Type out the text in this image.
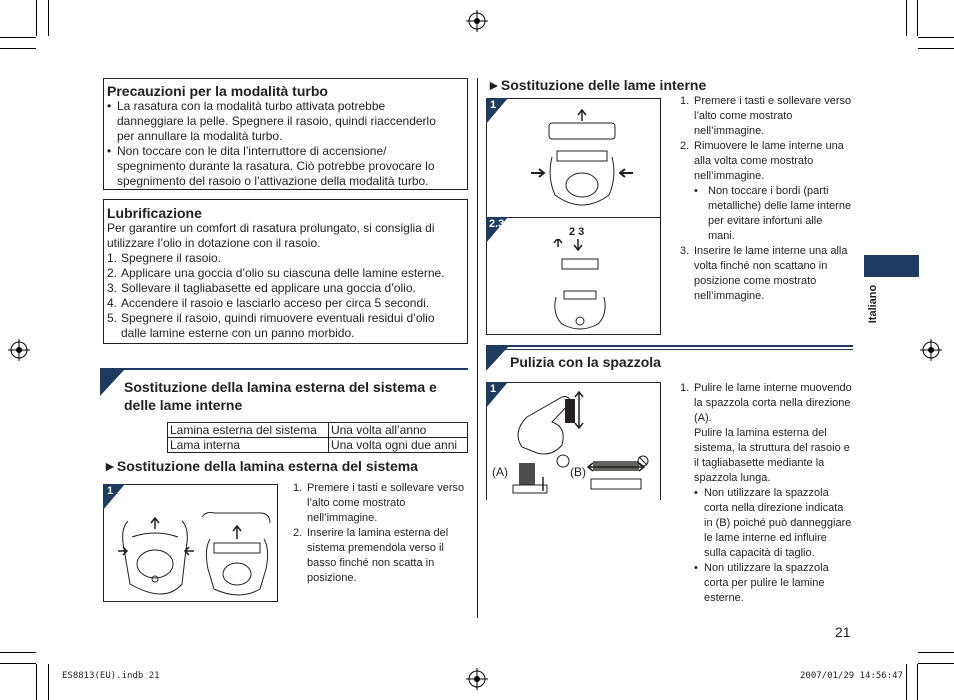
Precauzioni per la modalità turbo
• La rasatura con la modalità turbo attivata potrebbe danneggiare la pelle. Spegnere il rasoio, quindi riaccenderlo per annullare la modalità turbo.
• Non toccare con le dita l’interruttore di accensione/ spegnimento durante la rasatura. Ciò potrebbe provocare lo spegnimento del rasoio o l’attivazione della modalità turbo.
Lubrificazione
Per garantire un comfort di rasatura prolungato, si consiglia di utilizzare l’olio in dotazione con il rasoio.
1. Spegnere il rasoio.
2. Applicare una goccia d’olio su ciascuna delle lamine esterne.
3. Sollevare il tagliabasette ed applicare una goccia d’olio.
4. Accendere il rasoio e lasciarlo acceso per circa 5 secondi.
5. Spegnere il rasoio, quindi rimuovere eventuali residui d’olio dalle lamine esterne con un panno morbido.
Sostituzione della lamina esterna del sistema e delle lame interne
Lamina esterna del sistema	Una volta all’anno
Lama interna	Una volta ogni due anni
►Sostituzione della lamina esterna del sistema
1	1. Premere i tasti e sollevare verso l’alto come mostrato nell’immagine.
2. Inserire la lamina esterna del sistema premendola verso il basso finché non scatta in posizione.
►Sostituzione delle lame interne
1
2.3
2 3
1. Premere i tasti e sollevare verso l’alto come mostrato nell’immagine.
2. Rimuovere le lame interne una alla volta come mostrato nell’immagine.
• Non toccare i bordi (parti metalliche) delle lame interne per evitare infortuni alle mani.
3. Inserire le lame interne una alla volta finché non scattano in posizione come mostrato nell’immagine.	Italiano
Pulizia con la spazzola
1
(A)	(B)
1. Pulire le lame interne muovendo la spazzola corta nella direzione (A).
Pulire la lamina esterna del sistema, la struttura del rasoio e il tagliabasette mediante la spazzola lunga.
• Non utilizzare la spazzola corta nella direzione indicata in (B) poiché può danneggiare le lame interne ed influire sulla capacità di taglio.
• Non utilizzare la spazzola corta per pulire le lamine esterne.
21
ES8813(EU).indb 21	2007/01/29 14:56:47
